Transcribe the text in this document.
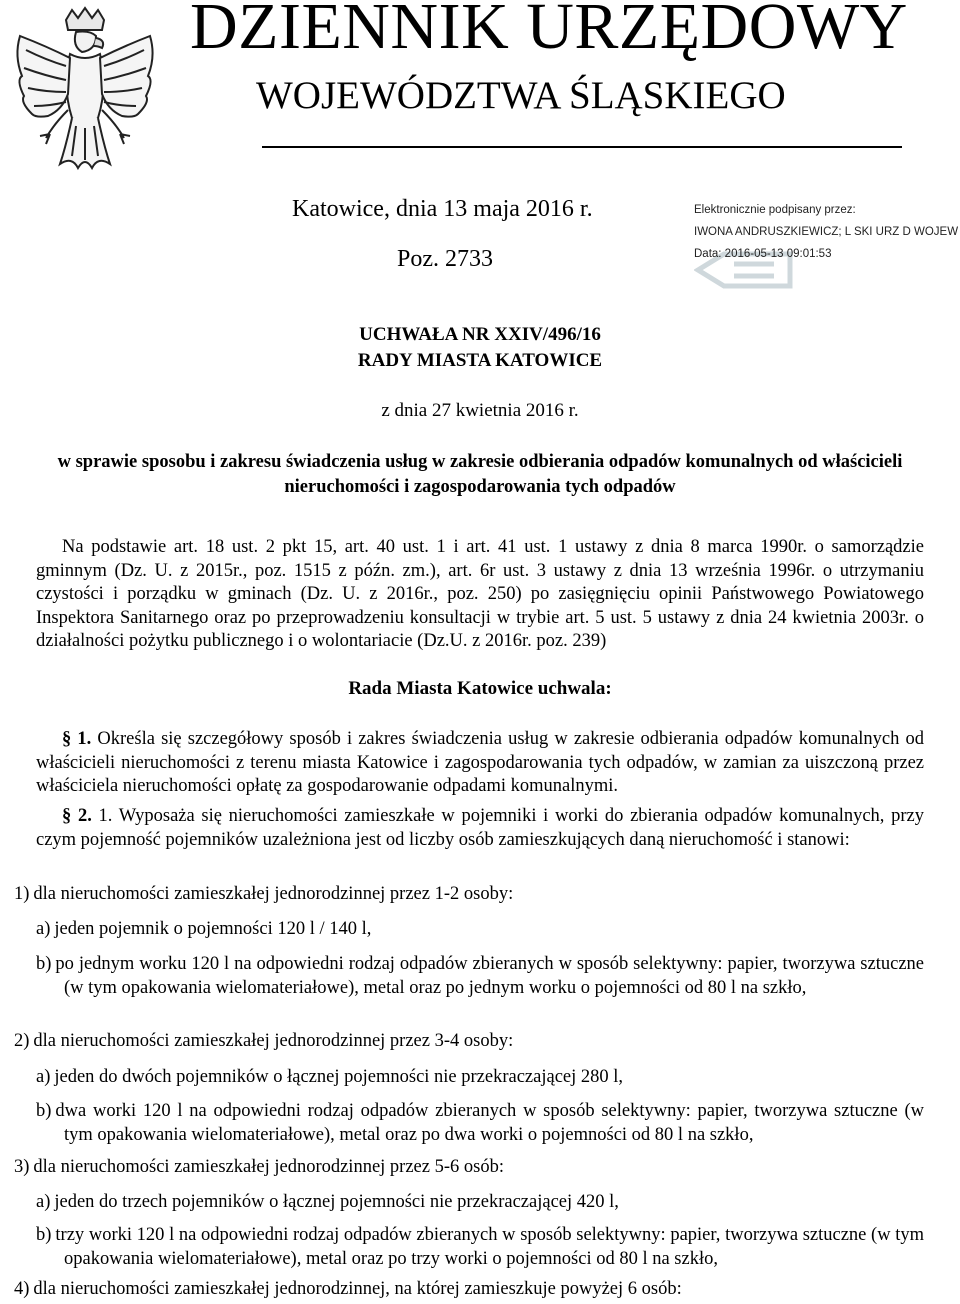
DZIENNIK URZĘDOWY
WOJEWÓDZTWA ŚLĄSKIEGO
Katowice, dnia 13 maja 2016 r.
Poz. 2733
Elektronicznie podpisany przez:
IWONA ANDRUSZKIEWICZ; L SKI URZ D WOJEW
Data: 2016-05-13 09:01:53
UCHWAŁA NR XXIV/496/16
RADY MIASTA KATOWICE
z dnia 27 kwietnia 2016 r.
w sprawie sposobu i zakresu świadczenia usług w zakresie odbierania odpadów komunalnych od właścicieli nieruchomości i zagospodarowania tych odpadów
Na podstawie art. 18 ust. 2 pkt 15, art. 40 ust. 1 i art. 41 ust. 1 ustawy z dnia 8 marca 1990r. o samorządzie gminnym (Dz. U. z 2015r., poz. 1515 z późn. zm.), art. 6r ust. 3 ustawy z dnia 13 września 1996r. o utrzymaniu czystości i porządku w gminach (Dz. U. z 2016r., poz. 250) po zasięgnięciu opinii Państwowego Powiatowego Inspektora Sanitarnego oraz po przeprowadzeniu konsultacji w trybie art. 5 ust. 5 ustawy z dnia 24 kwietnia 2003r. o działalności pożytku publicznego i o wolontariacie (Dz.U. z 2016r. poz. 239)
Rada Miasta Katowice uchwala:
§ 1. Określa się szczegółowy sposób i zakres świadczenia usług w zakresie odbierania odpadów komunalnych od właścicieli nieruchomości z terenu miasta Katowice i zagospodarowania tych odpadów, w zamian za uiszczoną przez właściciela nieruchomości opłatę za gospodarowanie odpadami komunalnymi.
§ 2. 1. Wyposaża się nieruchomości zamieszkałe w pojemniki i worki do zbierania odpadów komunalnych, przy czym pojemność pojemników uzależniona jest od liczby osób zamieszkujących daną nieruchomość i stanowi:
1) dla nieruchomości zamieszkałej jednorodzinnej przez 1-2 osoby:
a) jeden pojemnik o pojemności 120 l / 140 l,
b) po jednym worku 120 l na odpowiedni rodzaj odpadów zbieranych w sposób selektywny: papier, tworzywa sztuczne (w tym opakowania wielomateriałowe), metal oraz po jednym worku o pojemności od 80 l na szkło,
2) dla nieruchomości zamieszkałej jednorodzinnej przez 3-4 osoby:
a) jeden do dwóch pojemników o łącznej pojemności nie przekraczającej 280 l,
b) dwa worki 120 l na odpowiedni rodzaj odpadów zbieranych w sposób selektywny: papier, tworzywa sztuczne (w tym opakowania wielomateriałowe), metal oraz po dwa worki o pojemności od 80 l na szkło,
3) dla nieruchomości zamieszkałej jednorodzinnej przez 5-6 osób:
a) jeden do trzech pojemników o łącznej pojemności nie przekraczającej 420 l,
b) trzy worki 120 l na odpowiedni rodzaj odpadów zbieranych w sposób selektywny: papier, tworzywa sztuczne (w tym opakowania wielomateriałowe), metal oraz po trzy worki o pojemności od 80 l na szkło,
4) dla nieruchomości zamieszkałej jednorodzinnej, na której zamieszkuje powyżej 6 osób:
